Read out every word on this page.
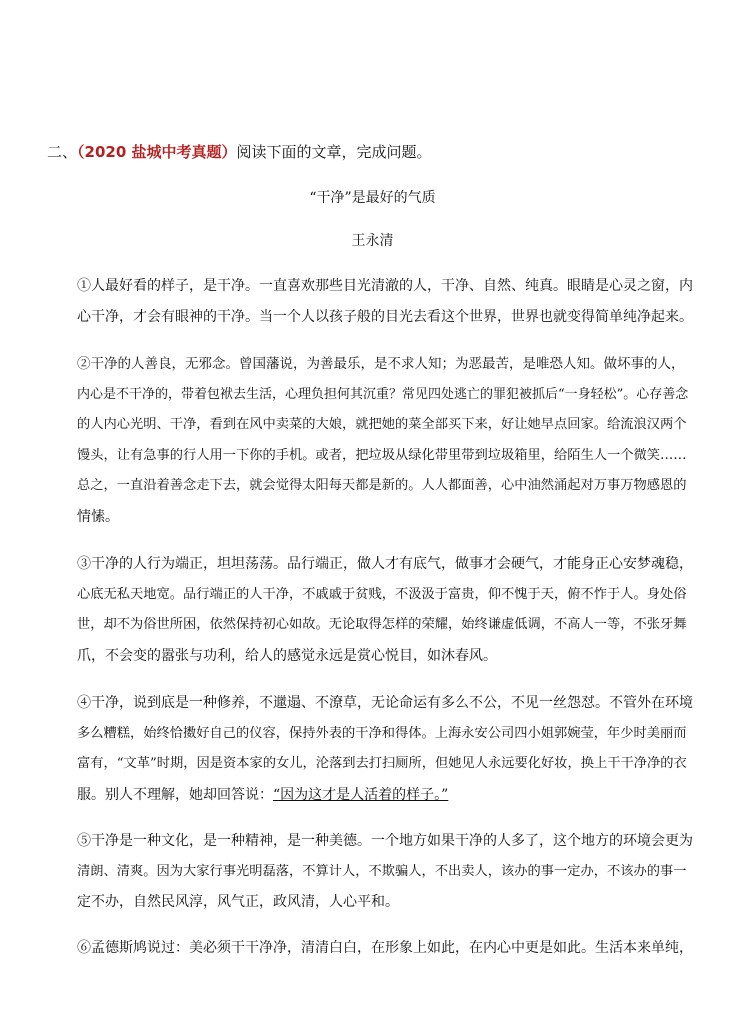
二、（2020 盐城中考真题）阅读下面的文章，完成问题。
“干净”是最好的气质
王永清
①人最好看的样子，是干净。一直喜欢那些目光清澈的人，干净、自然、纯真。眼睛是心灵之窗，内
心干净，才会有眼神的干净。当一个人以孩子般的目光去看这个世界，世界也就变得简单纯净起来。
②干净的人善良，无邪念。曾国藩说，为善最乐，是不求人知；为恶最苦，是唯恐人知。做坏事的人，
内心是不干净的，带着包袱去生活，心理负担何其沉重？常见四处逃亡的罪犯被抓后“一身轻松”。心存善念
的人内心光明、干净，看到在风中卖菜的大娘，就把她的菜全部买下来，好让她早点回家。给流浪汉两个
馒头，让有急事的行人用一下你的手机。或者，把垃圾从绿化带里带到垃圾箱里，给陌生人一个微笑……
总之，一直沿着善念走下去，就会觉得太阳每天都是新的。人人都面善，心中油然涌起对万事万物感恩的
情愫。
③干净的人行为端正，坦坦荡荡。品行端正，做人才有底气，做事才会硬气，才能身正心安梦魂稳，
心底无私天地宽。品行端正的人干净，不戚戚于贫贱，不汲汲于富贵，仰不愧于天，俯不怍于人。身处俗
世，却不为俗世所困，依然保持初心如故。无论取得怎样的荣耀，始终谦虚低调，不高人一等，不张牙舞
爪，不会变的嚣张与功利，给人的感觉永远是赏心悦目，如沐春风。
④干净，说到底是一种修养，不邋遢、不潦草，无论命运有多么不公，不见一丝怨怼。不管外在环境
多么糟糕，始终恰擞好自己的仪容，保持外表的干净和得体。上海永安公司四小姐郭婉莹，年少时美丽而
富有，“文革”时期，因是资本家的女儿，沦落到去打扫厕所，但她见人永远要化好妆，换上干干净净的衣
服。别人不理解，她却回答说：“因为这才是人活着的样子。”
⑤干净是一种文化，是一种精神，是一种美德。一个地方如果干净的人多了，这个地方的环境会更为
清朗、清爽。因为大家行事光明磊落，不算计人，不欺骗人，不出卖人，该办的事一定办，不该办的事一
定不办，自然民风淳，风气正，政风清，人心平和。
⑥孟德斯鸠说过：美必须干干净净，清清白白，在形象上如此，在内心中更是如此。生活本来单纯，
